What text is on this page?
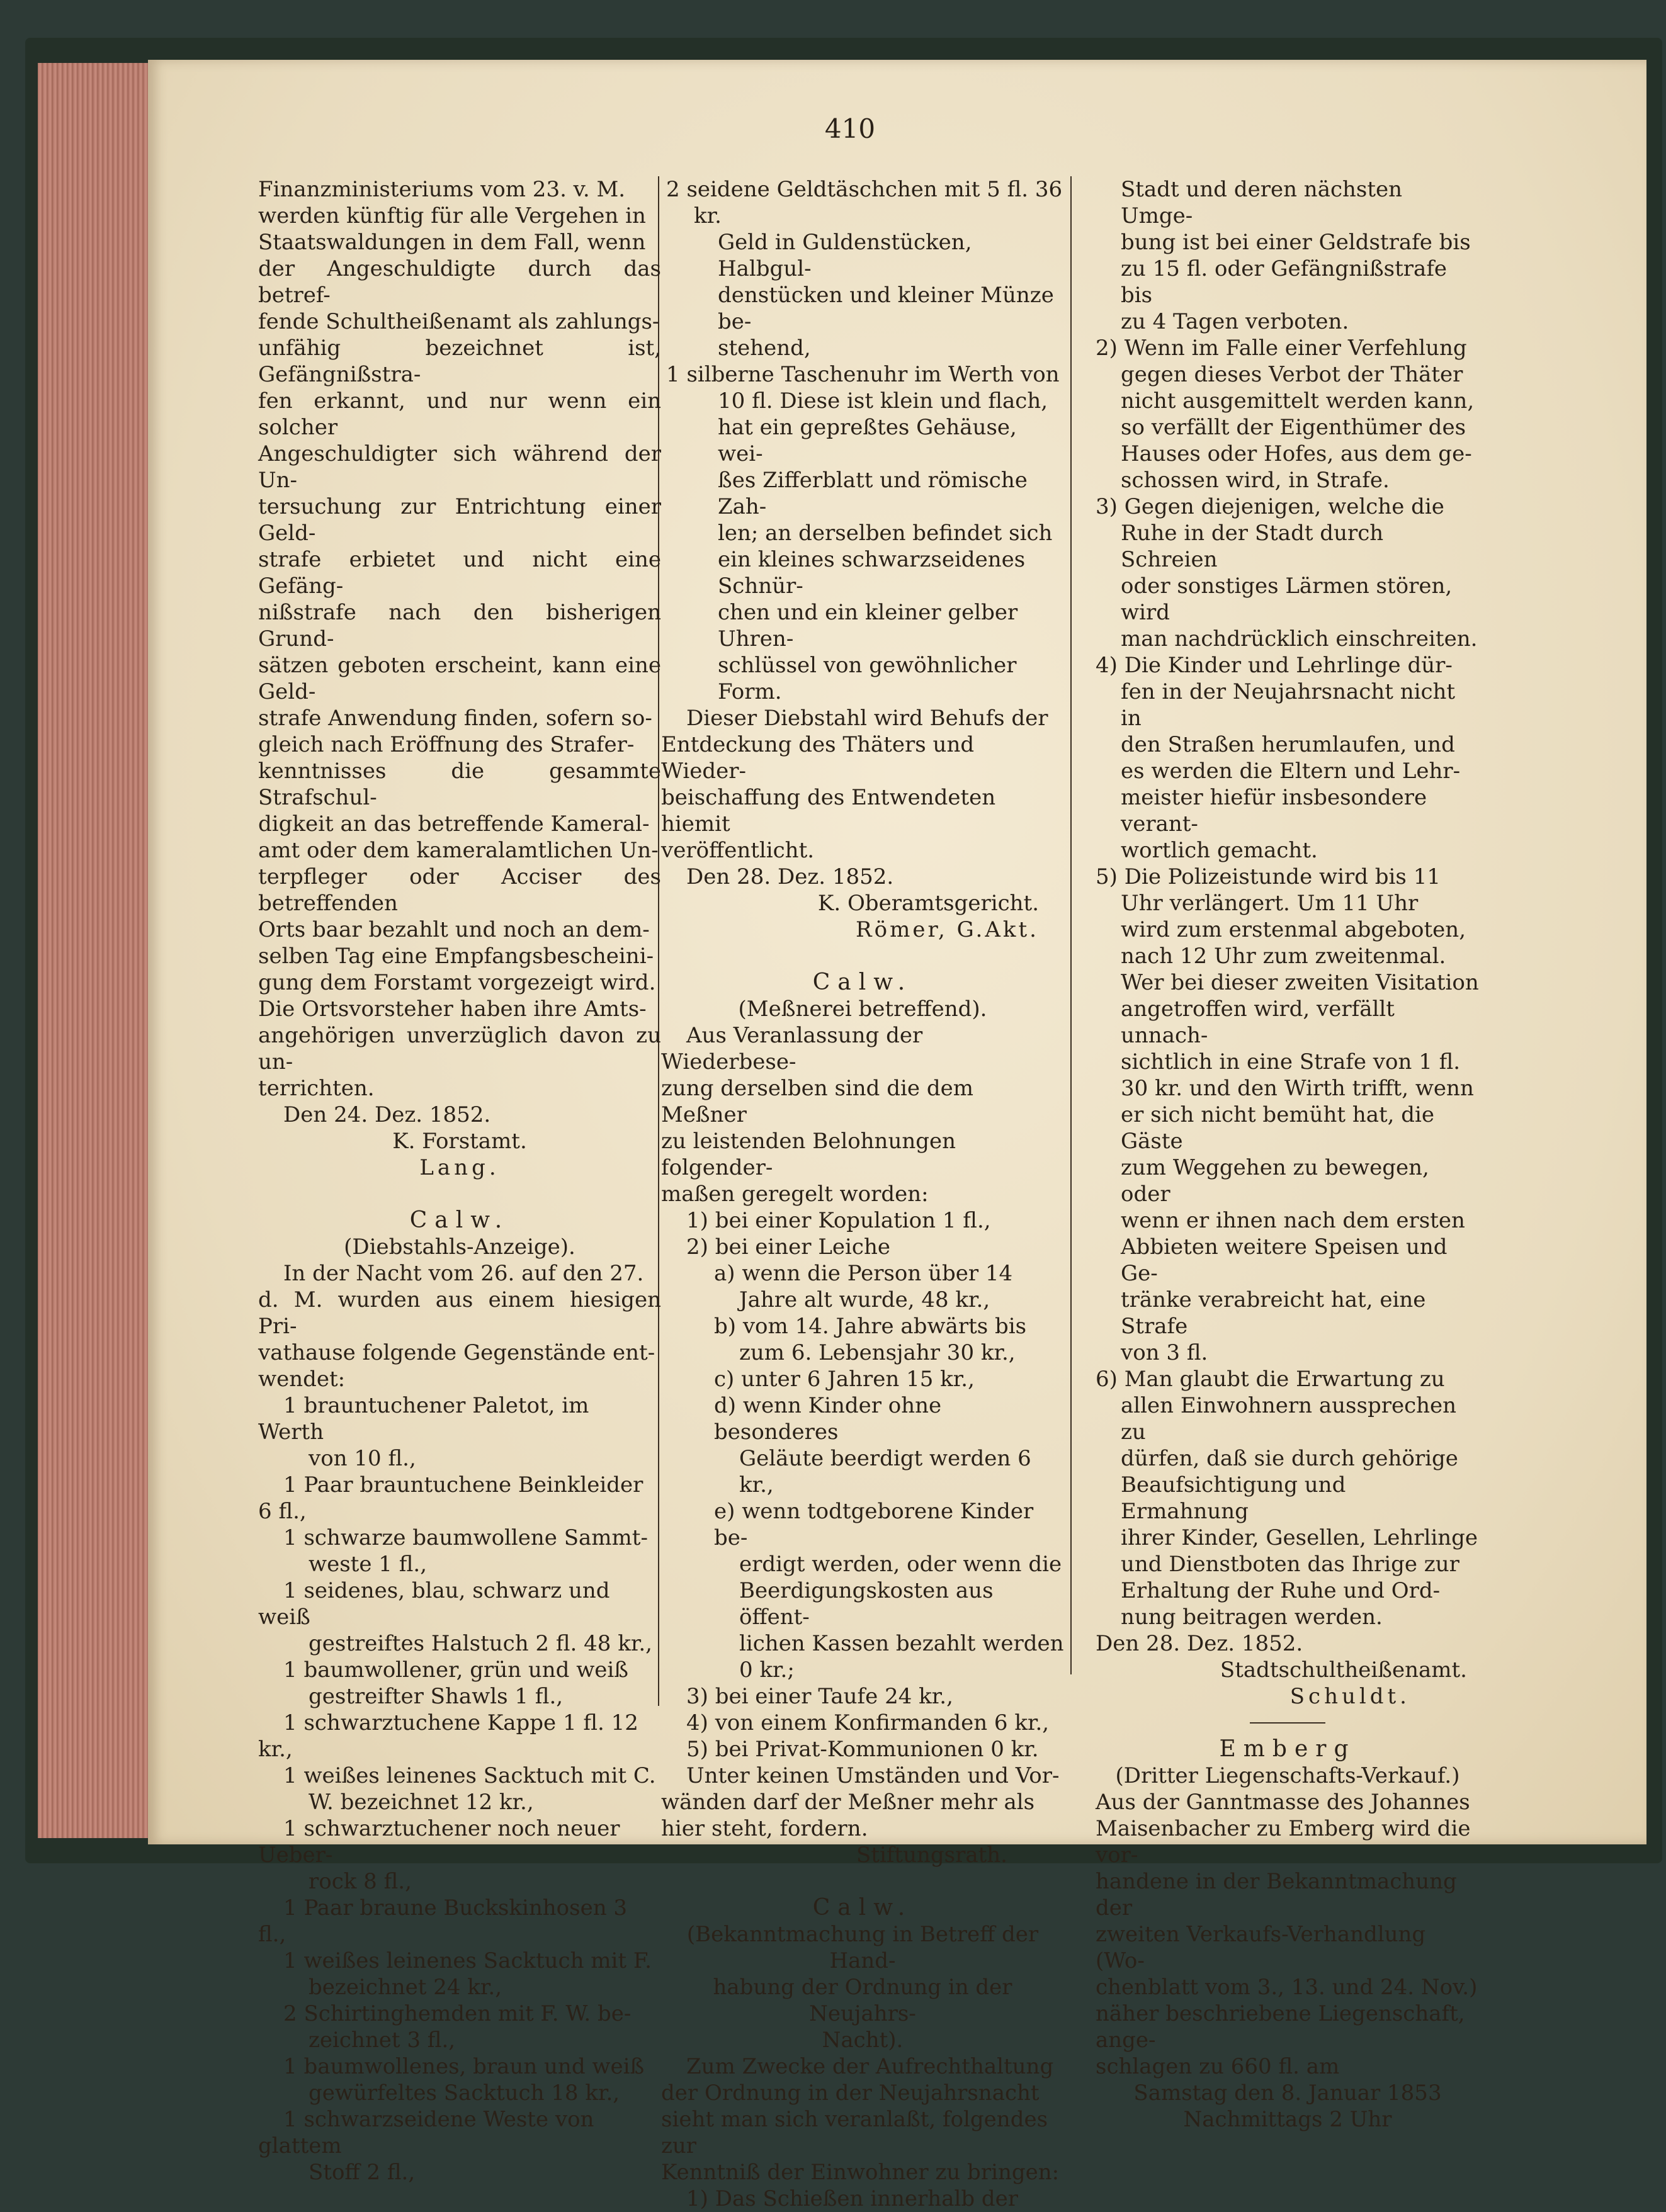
410

Finanzministeriums vom 23. v. M.

werden künftig für alle Vergehen in

Staatswaldungen in dem Fall, wenn

der Angeschuldigte durch das betref-

fende Schultheißenamt als zahlungs-

unfähig bezeichnet ist, Gefängnißstra-

fen erkannt, und nur wenn ein solcher

Angeschuldigter sich während der Un-

tersuchung zur Entrichtung einer Geld-

strafe erbietet und nicht eine Gefäng-

nißstrafe nach den bisherigen Grund-

sätzen geboten erscheint, kann eine Geld-

strafe Anwendung finden, sofern so-

gleich nach Eröffnung des Strafer-

kenntnisses die gesammte Strafschul-

digkeit an das betreffende Kameral-

amt oder dem kameralamtlichen Un-

terpfleger oder Acciser des betreffenden

Orts baar bezahlt und noch an dem-

selben Tag eine Empfangsbescheini-

gung dem Forstamt vorgezeigt wird.

Die Ortsvorsteher haben ihre Amts-

angehörigen unverzüglich davon zu un-

terrichten.

Den 24. Dez. 1852.

K. Forstamt.

Lang.

Calw.

(Diebstahls-Anzeige).

In der Nacht vom 26. auf den 27.

d. M. wurden aus einem hiesigen Pri-

vathause folgende Gegenstände ent-

wendet:

1 brauntuchener Paletot, im Werth

von 10 fl.,

1 Paar brauntuchene Beinkleider 6 fl.,

1 schwarze baumwollene Sammt-

weste 1 fl.,

1 seidenes, blau, schwarz und weiß

gestreiftes Halstuch 2 fl. 48 kr.,

1 baumwollener, grün und weiß

gestreifter Shawls 1 fl.,

1 schwarztuchene Kappe 1 fl. 12 kr.,

1 weißes leinenes Sacktuch mit C.

W. bezeichnet 12 kr.,

1 schwarztuchener noch neuer Ueber-

rock 8 fl.,

1 Paar braune Buckskinhosen 3 fl.,

1 weißes leinenes Sacktuch mit F.

bezeichnet 24 kr.,

2 Schirtinghemden mit F. W. be-

zeichnet 3 fl.,

1 baumwollenes, braun und weiß

gewürfeltes Sacktuch 18 kr.,

1 schwarzseidene Weste von glattem

Stoff 2 fl.,

2 seidene Geldtäschchen mit 5 fl. 36 kr.

Geld in Guldenstücken, Halbgul-

denstücken und kleiner Münze be-

stehend,

1 silberne Taschenuhr im Werth von

10 fl. Diese ist klein und flach,

hat ein gepreßtes Gehäuse, wei-

ßes Zifferblatt und römische Zah-

len; an derselben befindet sich

ein kleines schwarzseidenes Schnür-

chen und ein kleiner gelber Uhren-

schlüssel von gewöhnlicher Form.

Dieser Diebstahl wird Behufs der

Entdeckung des Thäters und Wieder-

beischaffung des Entwendeten hiemit

veröffentlicht.

Den 28. Dez. 1852.

K. Oberamtsgericht.

Römer, G.Akt.

Calw.

(Meßnerei betreffend).

Aus Veranlassung der Wiederbese-

zung derselben sind die dem Meßner

zu leistenden Belohnungen folgender-

maßen geregelt worden:

1) bei einer Kopulation 1 fl.,

2) bei einer Leiche

a) wenn die Person über 14

Jahre alt wurde, 48 kr.,

b) vom 14. Jahre abwärts bis

zum 6. Lebensjahr 30 kr.,

c) unter 6 Jahren 15 kr.,

d) wenn Kinder ohne besonderes

Geläute beerdigt werden 6 kr.,

e) wenn todtgeborene Kinder be-

erdigt werden, oder wenn die

Beerdigungskosten aus öffent-

lichen Kassen bezahlt werden

0 kr.;

3) bei einer Taufe 24 kr.,

4) von einem Konfirmanden 6 kr.,

5) bei Privat-Kommunionen 0 kr.

Unter keinen Umständen und Vor-

wänden darf der Meßner mehr als

hier steht, fordern.

Stiftungsrath.

Calw.

(Bekanntmachung in Betreff der Hand-

habung der Ordnung in der Neujahrs-

Nacht).

Zum Zwecke der Aufrechthaltung

der Ordnung in der Neujahrsnacht

sieht man sich veranlaßt, folgendes zur

Kenntniß der Einwohner zu bringen:

1) Das Schießen innerhalb der

Stadt und deren nächsten Umge-

bung ist bei einer Geldstrafe bis

zu 15 fl. oder Gefängnißstrafe bis

zu 4 Tagen verboten.

2) Wenn im Falle einer Verfehlung

gegen dieses Verbot der Thäter

nicht ausgemittelt werden kann,

so verfällt der Eigenthümer des

Hauses oder Hofes, aus dem ge-

schossen wird, in Strafe.

3) Gegen diejenigen, welche die

Ruhe in der Stadt durch Schreien

oder sonstiges Lärmen stören, wird

man nachdrücklich einschreiten.

4) Die Kinder und Lehrlinge dür-

fen in der Neujahrsnacht nicht in

den Straßen herumlaufen, und

es werden die Eltern und Lehr-

meister hiefür insbesondere verant-

wortlich gemacht.

5) Die Polizeistunde wird bis 11

Uhr verlängert. Um 11 Uhr

wird zum erstenmal abgeboten,

nach 12 Uhr zum zweitenmal.

Wer bei dieser zweiten Visitation

angetroffen wird, verfällt unnach-

sichtlich in eine Strafe von 1 fl.

30 kr. und den Wirth trifft, wenn

er sich nicht bemüht hat, die Gäste

zum Weggehen zu bewegen, oder

wenn er ihnen nach dem ersten

Abbieten weitere Speisen und Ge-

tränke verabreicht hat, eine Strafe

von 3 fl.

6) Man glaubt die Erwartung zu

allen Einwohnern aussprechen zu

dürfen, daß sie durch gehörige

Beaufsichtigung und Ermahnung

ihrer Kinder, Gesellen, Lehrlinge

und Dienstboten das Ihrige zur

Erhaltung der Ruhe und Ord-

nung beitragen werden.

Den 28. Dez. 1852.

Stadtschultheißenamt.

Schuldt.

Emberg

(Dritter Liegenschafts-Verkauf.)

Aus der Ganntmasse des Johannes

Maisenbacher zu Emberg wird die vor-

handene in der Bekanntmachung der

zweiten Verkaufs-Verhandlung (Wo-

chenblatt vom 3., 13. und 24. Nov.)

näher beschriebene Liegenschaft, ange-

schlagen zu 660 fl. am

Samstag den 8. Januar 1853

Nachmittags 2 Uhr
